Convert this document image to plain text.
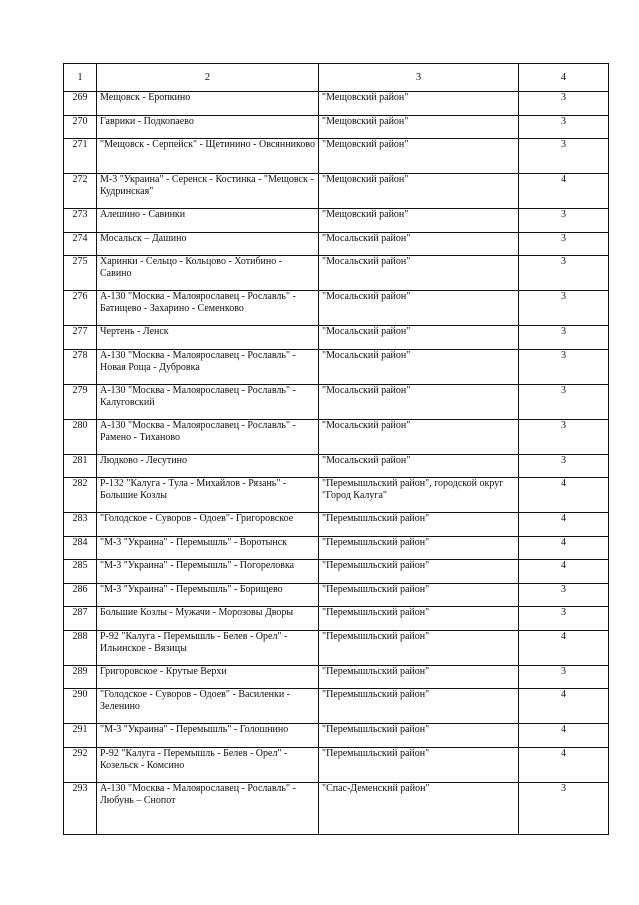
1	2	3	4
269	Мещовск - Еропкино	"Мещовский район"	3
270	Гаврики - Подкопаево	"Мещовский район"	3
271	"Мещовск - Серпейск" - Щетинино - Овсянниково	"Мещовский район"	3
272	М-3 "Украина" - Серенск - Костинка - "Мещовск - Кудринская"	"Мещовский район"	4
273	Алешино - Савинки	"Мещовский район"	3
274	Мосальск – Дашино	"Мосальский район"	3
275	Харинки - Сельцо - Кольцово - Хотибино - Савино	"Мосальский район"	3
276	А-130 "Москва - Малоярославец - Рославль" - Батищево - Захарино - Семенково	"Мосальский район"	3
277	Чертень - Ленск	"Мосальский район"	3
278	А-130 "Москва - Малоярославец - Рославль" - Новая Роща - Дубровка	"Мосальский район"	3
279	А-130 "Москва - Малоярославец - Рославль" - Калуговский	"Мосальский район"	3
280	А-130 "Москва - Малоярославец - Рославль" - Рамено - Тиханово	"Мосальский район"	3
281	Людково - Лесутино	"Мосальский район"	3
282	Р-132 "Калуга - Тула - Михайлов - Рязань" - Большие Козлы	"Перемышльский район", городской округ "Город Калуга"	4
283	"Голодское - Суворов - Одоев"- Григоровское	"Перемышльский район"	4
284	"М-3 "Украина" - Перемышль" - Воротынск	"Перемышльский район"	4
285	"М-3 "Украина" - Перемышль" - Погореловка	"Перемышльский район"	4
286	"М-3 "Украина" - Перемышль" - Борищево	"Перемышльский район"	3
287	Большие Козлы - Мужачи - Морозовы Дворы	"Перемышльский район"	3
288	Р-92 "Калуга - Перемышль - Белев - Орел" - Ильинское - Вязицы	"Перемышльский район"	4
289	Григоровское - Крутые Верхи	"Перемышльский район"	3
290	"Голодское - Суворов - Одоев" - Василенки - Зеленино	"Перемышльский район"	4
291	"М-3 "Украина" - Перемышль" - Голошнино	"Перемышльский район"	4
292	Р-92 "Калуга - Перемышль - Белев - Орел" - Козельск - Комсино	"Перемышльский район"	4
293	А-130 "Москва - Малоярославец - Рославль" - Любунь – Снопот	"Спас-Деменский район"	3
